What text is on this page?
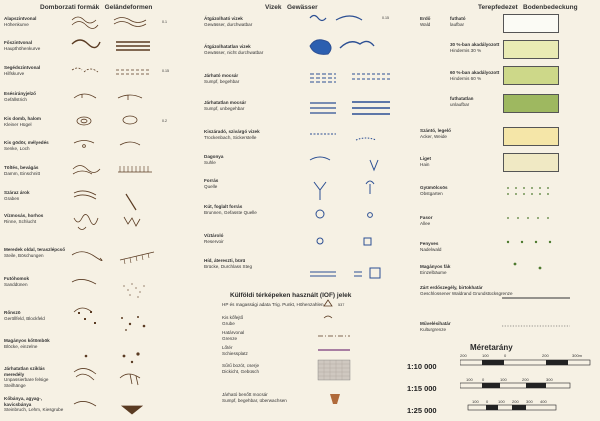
Domborzati formák Geländeformen
Alapszintvonal
Höhenkurve
Főszintvonal
Haupthöhenkurve
Segédszintvonal
Hilfskurve
Esésirányjelző
Gefällstrich
Kis domb, halom
Kleiner Hügel
Kis gödör, mélyedés
Senke, Loch
Töltés, bevágás
Damm, Einschnitt
Száraz árok
Graben
Vízmosás, horhos
Rinne, Schlucht
Meredek oldal, teraszlépcső
Steile, Böschungen
Futóhomok
Sanddünen
Rőnszö
Geröllfeld, Blockfeld
Magányos kőtömbök
Blöcke, einzelne
Járhatatlan sziklás meredély
Unpassierbare felsige Steilhänge
Kőbánya, agyag-, kavicsbánya
Steinbruch, Lehm, Kiesgrube
0.1
0.15
0.2
Vizek Gewässer
Átgázolható vizek
Gewässer, durchwatbar
Átgázolhatatlan vizek
Gewässer, nicht durchwatbar
Járható mocsár
Sumpf, begehbar
Járhatatlan mocsár
Sumpf, unbegehbar
Kiszáradó, szivárgó vizek
Trockenbach, Sickerstelle
Dagonya
Suhle
Forrás
Quelle
Kút, foglalt forrás
Brunnen, Gefasste Quelle
Víztároló
Reservoir
Híd, átereszti, bürü
Brücke, Durchlass Steg
0.15
Külföldi térképeken használt (IOF) jelek
HP és magassági adata Trig. Punkt, Höhenzahlen
Kis kőfejtő
Grube
Határvonal
Grenze
Lőtér
Schiessplatz
Sűrű bozót, cserje
Dickicht, Gebüsch
Járható benőtt mocsár
Sumpf, begehbar, überwachsen
537
Terepfedezet Bodenbedeckung
Erdő
Wald
futható
laufbar
30 %-ban akadályozott
Hindernis 30 %
60 %-ban akadályozott
Hindernis 60 %
futhatatlan
unlaufbar
Szántó, legelő
Acker, Weide
Liget
Hain
Gyümölcsös
Obstgarten
Fasor
Allee
Fenyves
Nadelwald
Magányos fák
Einzelbäume
Zárt erdőszegély, birtokhatár
Geschlossener Waldrand Grundstücksgrenze
Művelésihatár
Kulturgrenze
Méretarány
1:10 000
1:15 000
1:25 000
200	100	0	200	300m
100 0	100	200	300
100 0 100 200 300 400
